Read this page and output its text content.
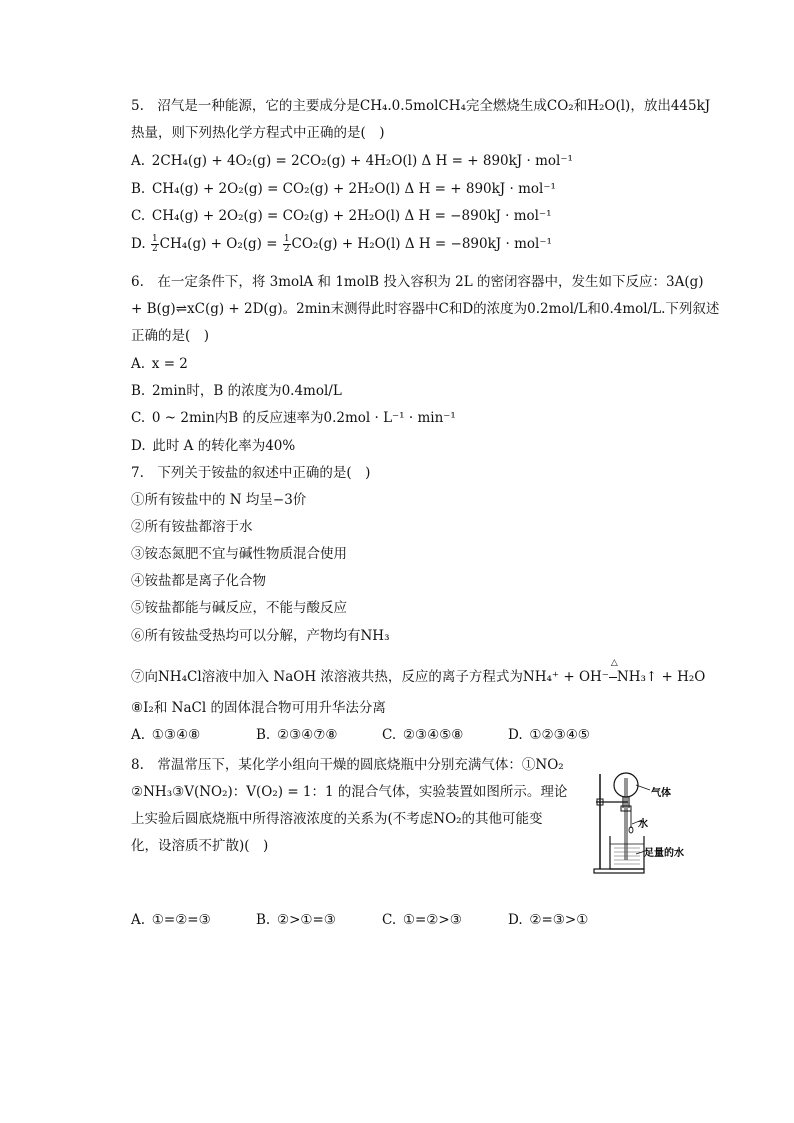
5.　沼气是一种能源，它的主要成分是CH₄.0.5molCH₄完全燃烧生成CO₂和H₂O(l)，放出445kJ
热量，则下列热化学方程式中正确的是(　)
A. 2CH₄(g) + 4O₂(g) = 2CO₂(g) + 4H₂O(l) Δ H = + 890kJ · mol⁻¹
B. CH₄(g) + 2O₂(g) = CO₂(g) + 2H₂O(l) Δ H = + 890kJ · mol⁻¹
C. CH₄(g) + 2O₂(g) = CO₂(g) + 2H₂O(l) Δ H = −890kJ · mol⁻¹
D. $\frac{1}{2} CH_4(g) + O_2(g) = \frac{1}{2} CO_2(g) + H_2O(l)$ Δ H = −890kJ · mol⁻¹
6.　在一定条件下，将 3molA 和 1molB 投入容积为 2L 的密闭容器中，发生如下反应：3A(g)
+ B(g)⇌xC(g) + 2D(g)。2min末测得此时容器中C和D的浓度为0.2mol/L和0.4mol/L.下列叙述
正确的是(　)
A. x = 2
B. 2min时，B 的浓度为0.4mol/L
C. 0 ~ 2min内B 的反应速率为0.2mol · L⁻¹ · min⁻¹
D. 此时 A 的转化率为40%
7.　下列关于铵盐的叙述中正确的是(　)
①所有铵盐中的 N 均呈−3价
②所有铵盐都溶于水
③铵态氮肥不宜与碱性物质混合使用
④铵盐都是离子化合物
⑤铵盐都能与碱反应，不能与酸反应
⑥所有铵盐受热均可以分解，产物均有NH₃
⑦向NH₄Cl溶液中加入 NaOH 浓溶液共热，反应的离子方程式为NH₄⁺ + OH⁻
△
NH₃↑ + H₂O
⑧I₂和 NaCl 的固体混合物可用升华法分离
A. ①③④⑧	B. ②③④⑦⑧	C. ②③④⑤⑧	D. ①②③④⑤
8.　常温常压下，某化学小组向干燥的圆底烧瓶中分别充满气体：①NO₂
②NH₃③V(NO₂)：V(O₂) = 1：1 的混合气体，实验装置如图所示。理论
上实验后圆底烧瓶中所得溶液浓度的关系为(不考虑NO₂的其他可能变
化，设溶质不扩散)(　)
气体
水
足量的水
A. ①=②=③	B. ②>①=③	C. ①=②>③	D. ②=③>①
